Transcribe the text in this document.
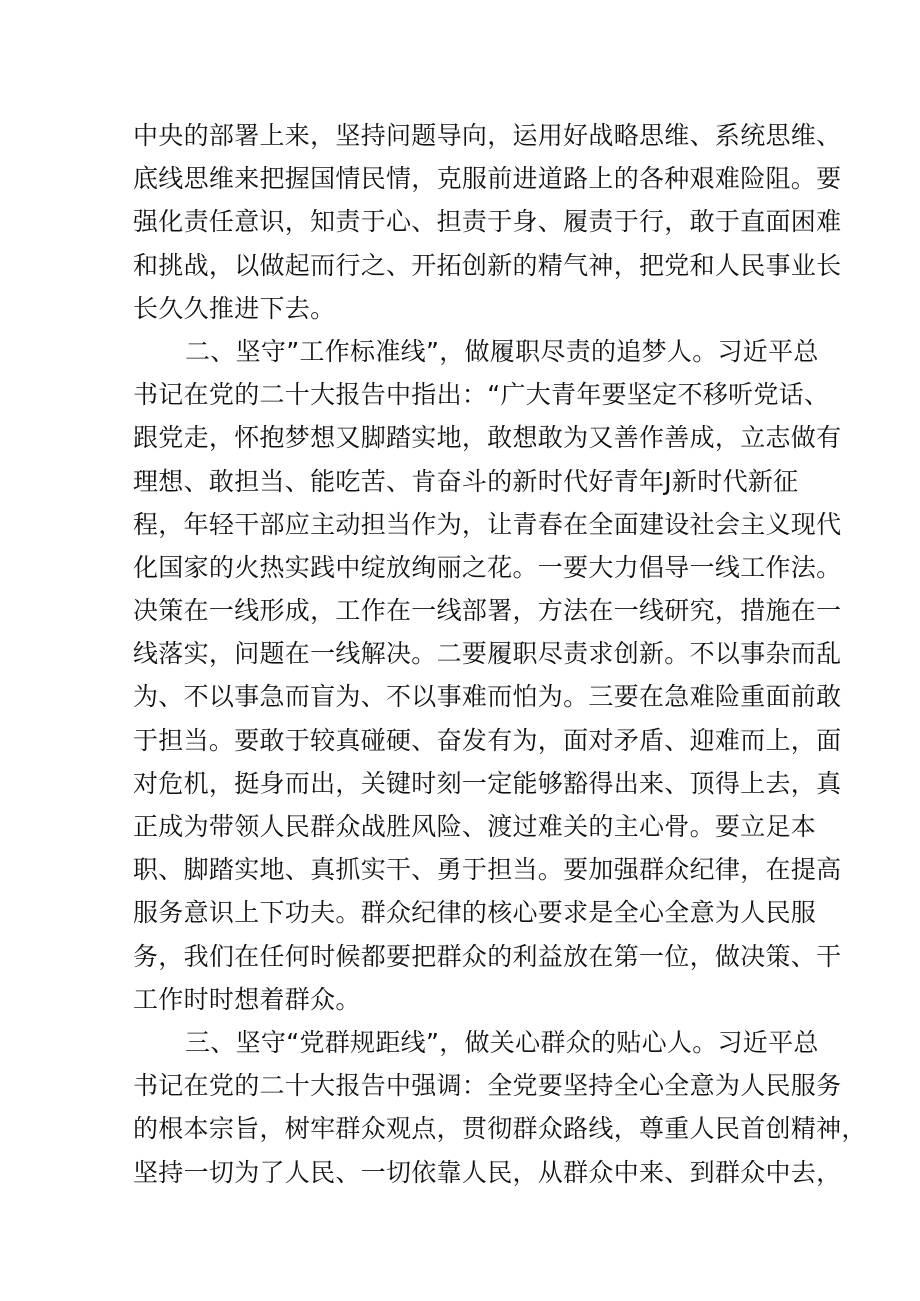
中央的部署上来，坚持问题导向，运用好战略思维、系统思维、
底线思维来把握国情民情，克服前进道路上的各种艰难险阻。要
强化责任意识，知责于心、担责于身、履责于行，敢于直面困难
和挑战，以做起而行之、开拓创新的精气神，把党和人民事业长
长久久推进下去。
二、坚守”工作标准线”，做履职尽责的追梦人。习近平总
书记在党的二十大报告中指出：“广大青年要坚定不移听党话、
跟党走，怀抱梦想又脚踏实地，敢想敢为又善作善成，立志做有
理想、敢担当、能吃苦、肯奋斗的新时代好青年J新时代新征
程，年轻干部应主动担当作为，让青春在全面建设社会主义现代
化国家的火热实践中绽放绚丽之花。一要大力倡导一线工作法。
决策在一线形成，工作在一线部署，方法在一线研究，措施在一
线落实，问题在一线解决。二要履职尽责求创新。不以事杂而乱
为、不以事急而盲为、不以事难而怕为。三要在急难险重面前敢
于担当。要敢于较真碰硬、奋发有为，面对矛盾、迎难而上，面
对危机，挺身而出，关键时刻一定能够豁得出来、顶得上去，真
正成为带领人民群众战胜风险、渡过难关的主心骨。要立足本
职、脚踏实地、真抓实干、勇于担当。要加强群众纪律，在提高
服务意识上下功夫。群众纪律的核心要求是全心全意为人民服
务，我们在任何时候都要把群众的利益放在第一位，做决策、干
工作时时想着群众。
三、坚守“党群规距线”，做关心群众的贴心人。习近平总
书记在党的二十大报告中强调：全党要坚持全心全意为人民服务
的根本宗旨，树牢群众观点，贯彻群众路线，尊重人民首创精神，
坚持一切为了人民、一切依靠人民，从群众中来、到群众中去，
